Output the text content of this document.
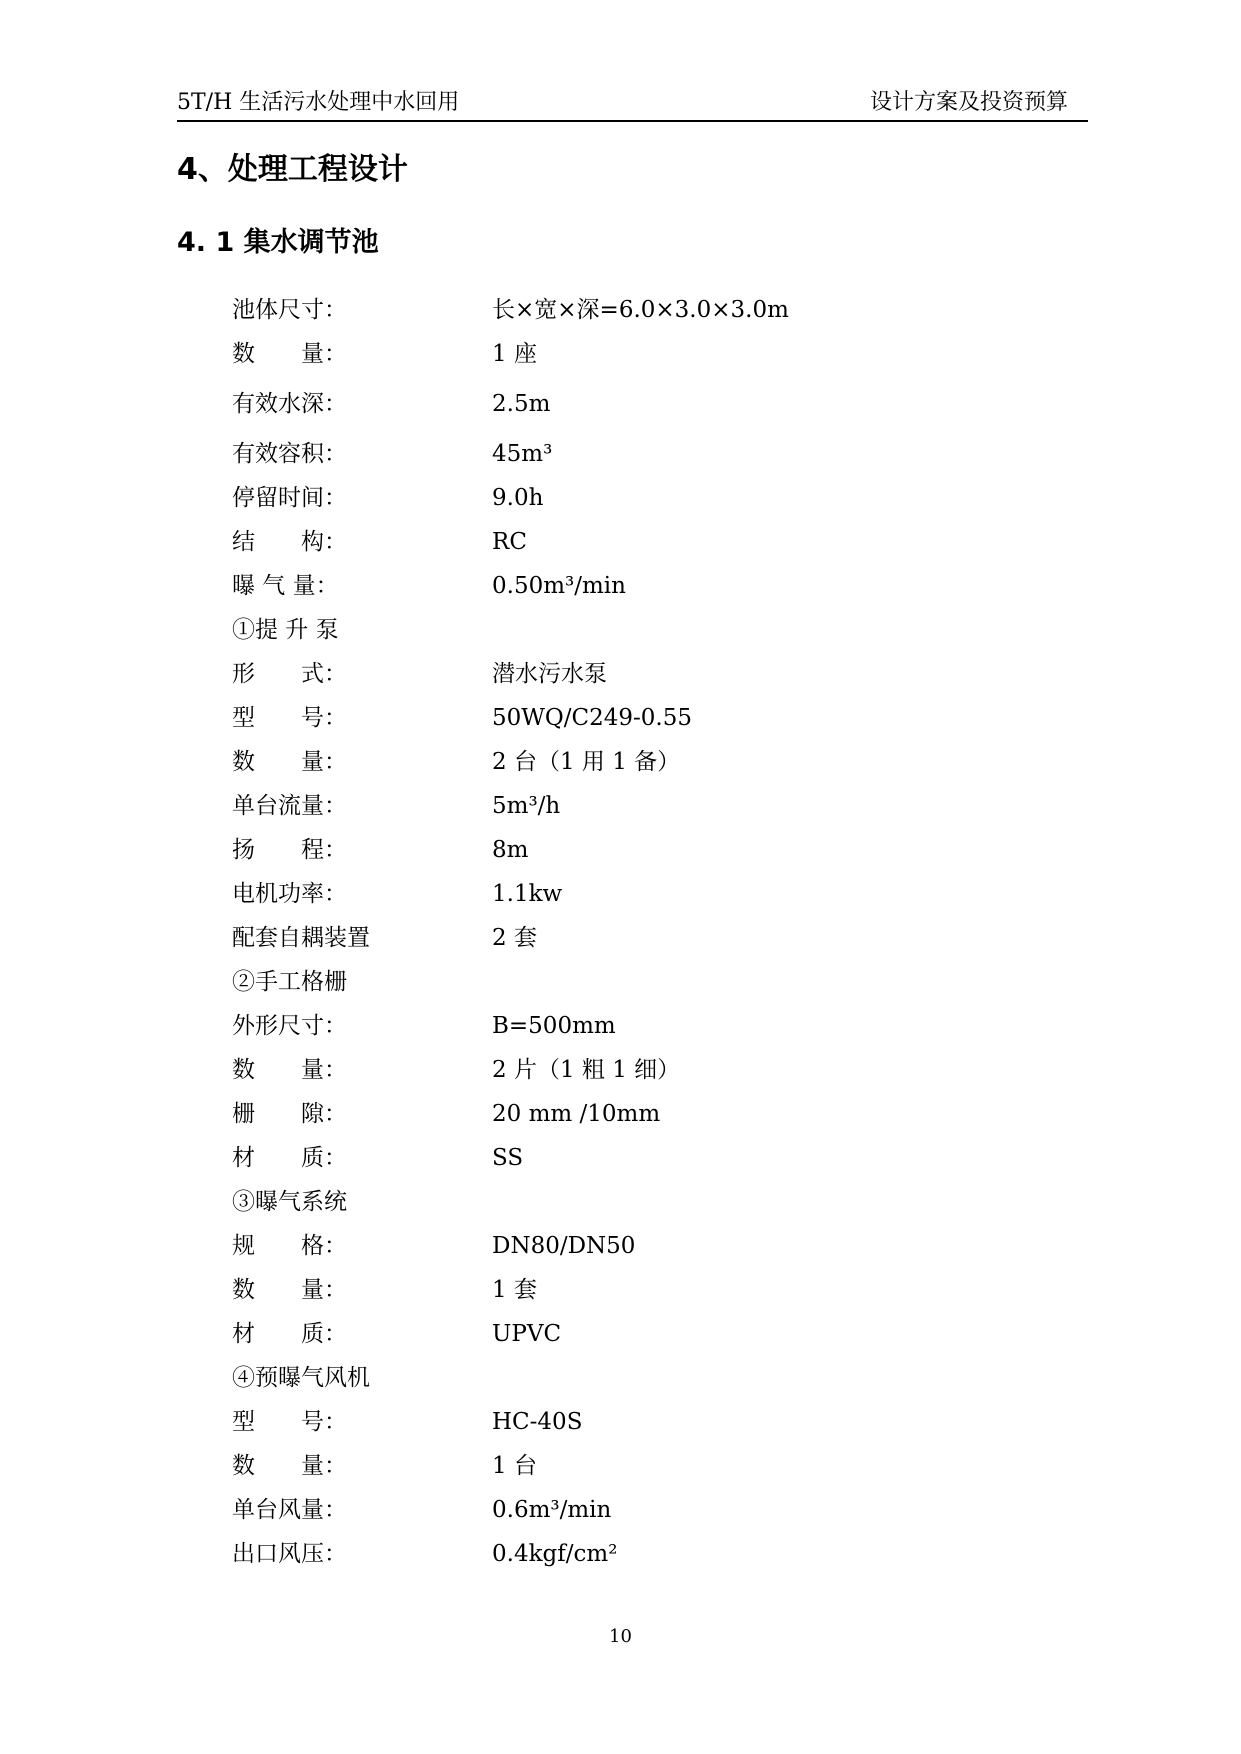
5T/H 生活污水处理中水回用	设计方案及投资预算
4、处理工程设计
4. 1 集水调节池
池体尺寸：	长×宽×深=6.0×3.0×3.0m
数　　量：	1 座
有效水深：	2.5m
有效容积：	45m³
停留时间：	9.0h
结　　构：	RC
曝 气 量：	0.50m³/min
①提 升 泵
形　　式：	潜水污水泵
型　　号：	50WQ/C249-0.55
数　　量：	2 台（1 用 1 备）
单台流量：	5m³/h
扬　　程：	8m
电机功率：	1.1kw
配套自耦装置	2 套
②手工格栅
外形尺寸：	B=500mm
数　　量：	2 片（1 粗 1 细）
栅　　隙：	20 mm /10mm
材　　质：	SS
③曝气系统
规　　格：	DN80/DN50
数　　量：	1 套
材　　质：	UPVC
④预曝气风机
型　　号：	HC-40S
数　　量：	1 台
单台风量：	0.6m³/min
出口风压：	0.4kgf/cm²
10
